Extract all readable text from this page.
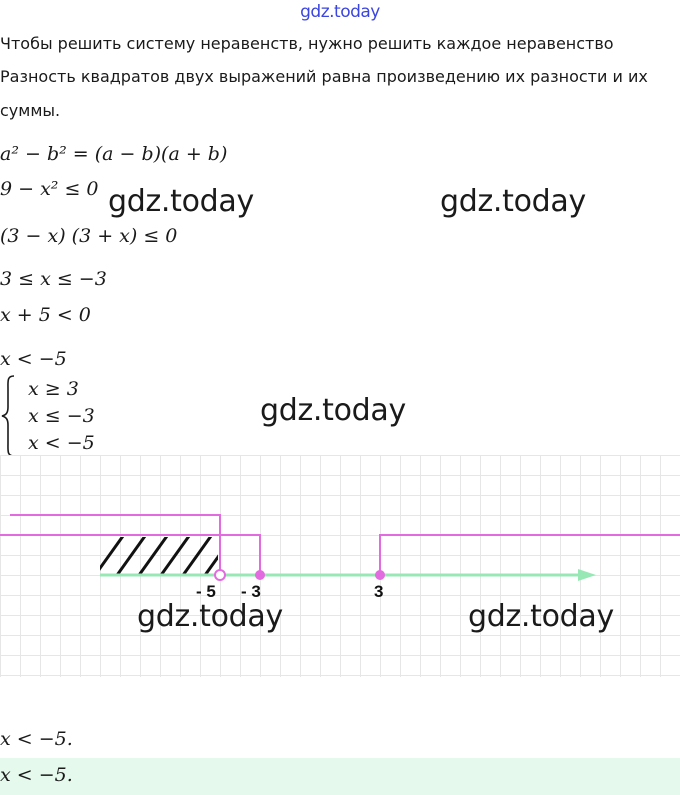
gdz.today
Чтобы решить систему неравенств, нужно решить каждое неравенство
Разность квадратов двух выражений равна произведению их разности и их
суммы.
a² − b² = (a − b)(a + b)
9 − x² ≤ 0
(3 − x) (3 + x) ≤ 0
3 ≤ x ≤ −3
x + 5 < 0
x < −5
gdz.today	gdz.today
gdz.today
x ≥ 3
x ≤ −3
x < −5
- 5 - 3	3
gdz.today	gdz.today
x < −5.
x < −5.
